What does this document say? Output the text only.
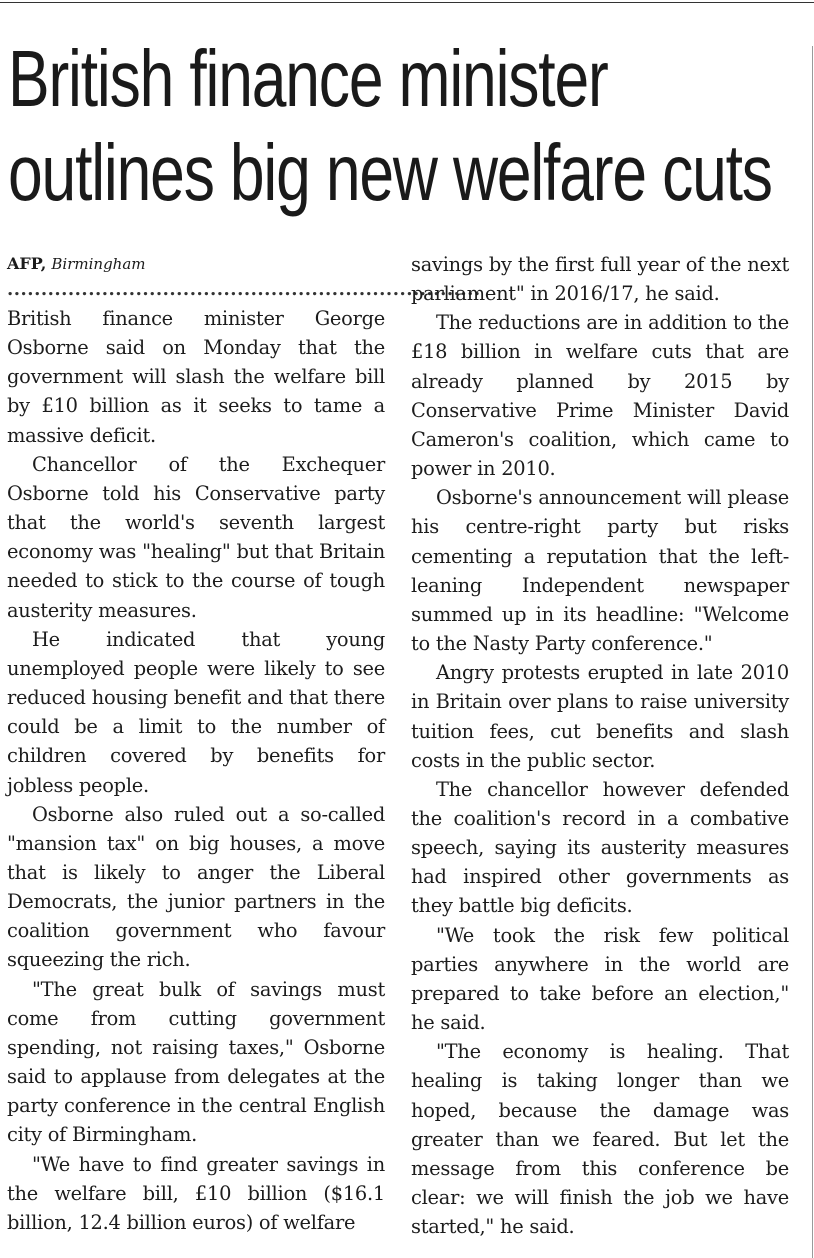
British finance minister
outlines big new welfare cuts
AFP, Birmingham
......................................................................

British finance minister George Osborne said on Monday that the government will slash the welfare bill by £10 billion as it seeks to tame a massive deficit.

Chancellor of the Exchequer Osborne told his Conservative party that the world's seventh largest economy was "healing" but that Britain needed to stick to the course of tough austerity measures.

He indicated that young unemployed people were likely to see reduced housing benefit and that there could be a limit to the number of children covered by benefits for jobless people.

Osborne also ruled out a so-called "mansion tax" on big houses, a move that is likely to anger the Liberal Democrats, the junior partners in the coalition government who favour squeezing the rich.

"The great bulk of savings must come from cutting government spending, not raising taxes," Osborne said to applause from delegates at the party conference in the central English city of Birmingham.

"We have to find greater savings in the welfare bill, £10 billion ($16.1 billion, 12.4 billion euros) of welfare

savings by the first full year of the next parliament" in 2016/17, he said.

The reductions are in addition to the £18 billion in welfare cuts that are already planned by 2015 by Conservative Prime Minister David Cameron's coalition, which came to power in 2010.

Osborne's announcement will please his centre-right party but risks cementing a reputation that the left-leaning Independent newspaper summed up in its headline: "Welcome to the Nasty Party conference."

Angry protests erupted in late 2010 in Britain over plans to raise university tuition fees, cut benefits and slash costs in the public sector.

The chancellor however defended the coalition's record in a combative speech, saying its austerity measures had inspired other governments as they battle big deficits.

"We took the risk few political parties anywhere in the world are prepared to take before an election," he said.

"The economy is healing. That healing is taking longer than we hoped, because the damage was greater than we feared. But let the message from this conference be clear: we will finish the job we have started," he said.
